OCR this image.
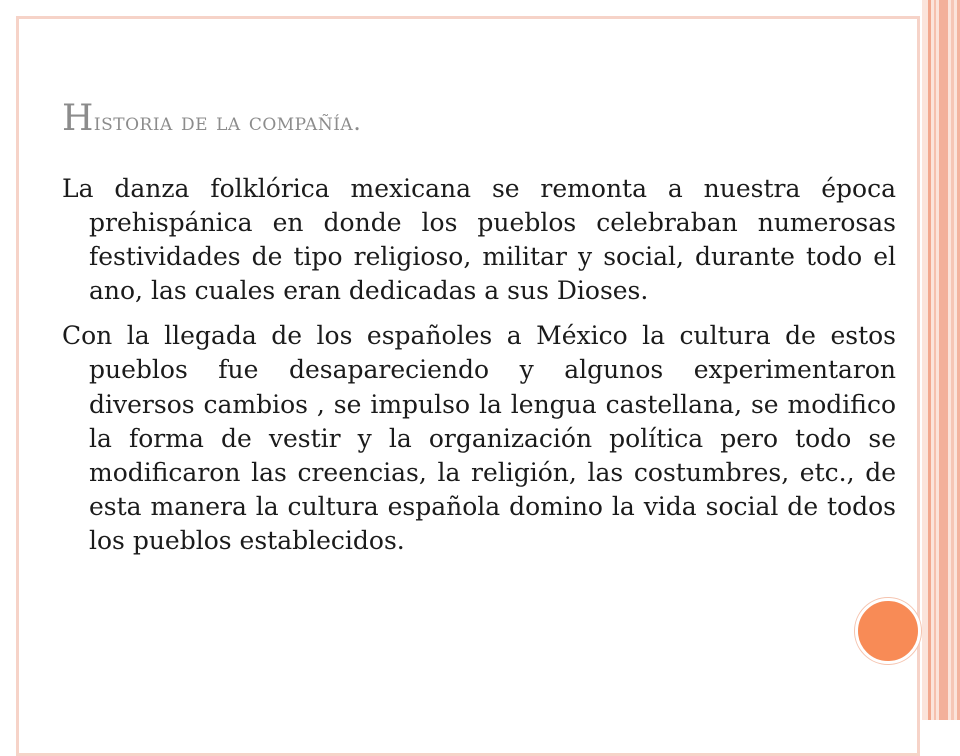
Historia de la compañía.

La danza folklórica mexicana se remonta a nuestra época prehispánica en donde los pueblos celebraban numerosas festividades de tipo religioso, militar y social, durante todo el ano, las cuales eran dedicadas a sus Dioses.

Con la llegada de los españoles a México la cultura de estos pueblos fue desapareciendo y algunos experimentaron diversos cambios , se impulso la lengua castellana, se modifico la forma de vestir y la organización política pero todo se modificaron las creencias, la religión, las costumbres, etc., de esta manera la cultura española domino la vida social de todos los pueblos establecidos.
